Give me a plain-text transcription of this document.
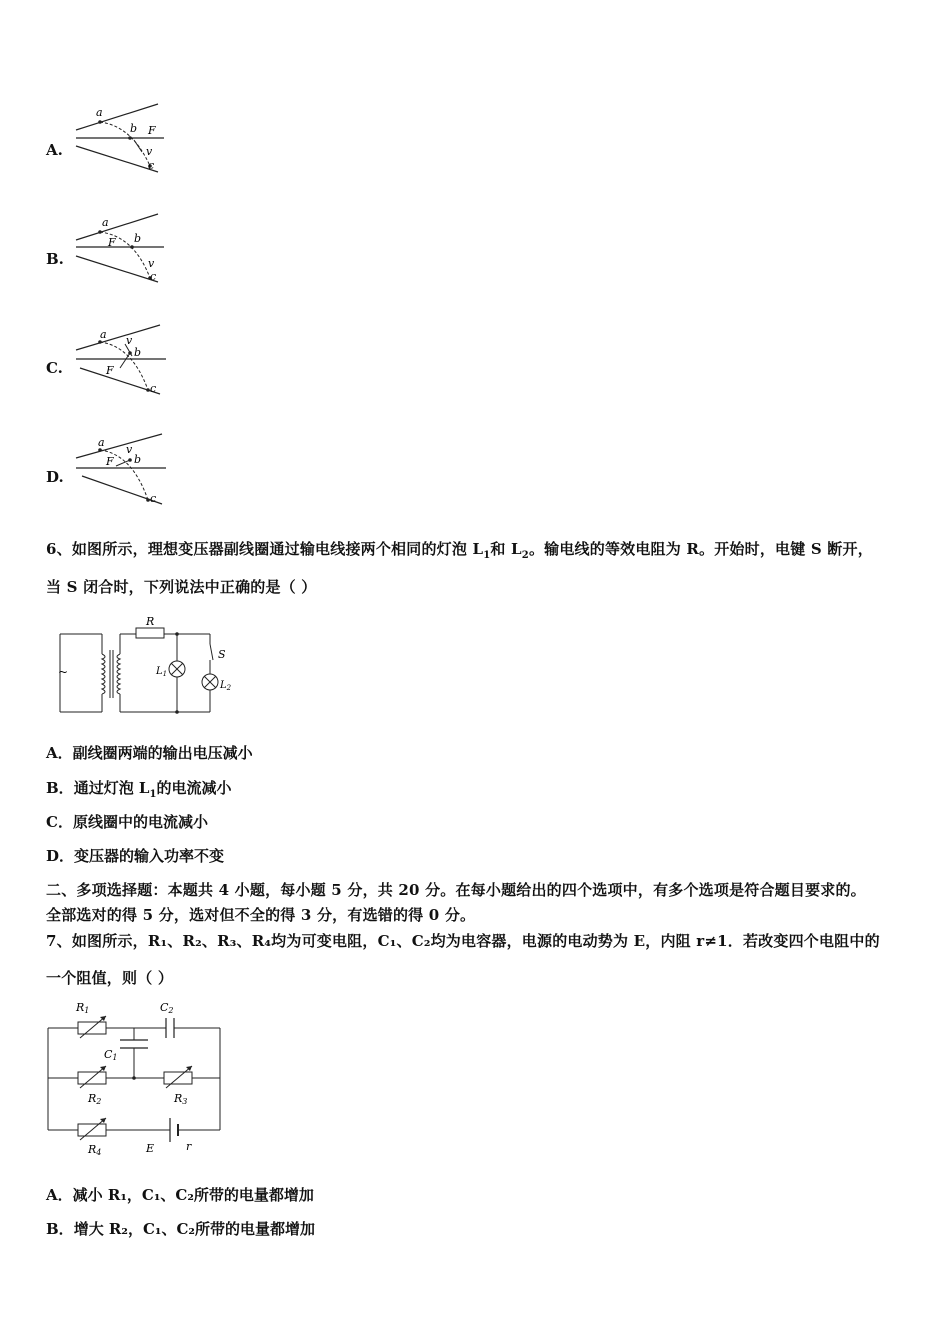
A.
a
b F
v
c
B.
a
b
F
v
c
C.
a
b
F
v
c
D.
a
b
F
v
c
6、如图所示，理想变压器副线圈通过输电线接两个相同的灯泡 $L_1$和 $L_2$。输电线的等效电阻为 R。开始时，电键 S 断开，
当 S 闭合时，下列说法中正确的是（ ）
~
R
$L_1$
S
$L_2$
A．副线圈两端的输出电压减小
B．通过灯泡 $L_1$的电流减小
C．原线圈中的电流减小
D．变压器的输入功率不变
二、多项选择题：本题共 4 小题，每小题 5 分，共 20 分。在每小题给出的四个选项中，有多个选项是符合题目要求的。
全部选对的得 5 分，选对但不全的得 3 分，有选错的得 0 分。
7、如图所示，R₁、R₂、R₃、R₄均为可变电阻，C₁、C₂均为电容器，电源的电动势为 E，内阻 r≠1．若改变四个电阻中的
一个阻值，则（ ）
R1	C2
C1
R2	R3
R4	E	r
A．减小 R₁，C₁、C₂所带的电量都增加
B．增大 R₂，C₁、C₂所带的电量都增加
